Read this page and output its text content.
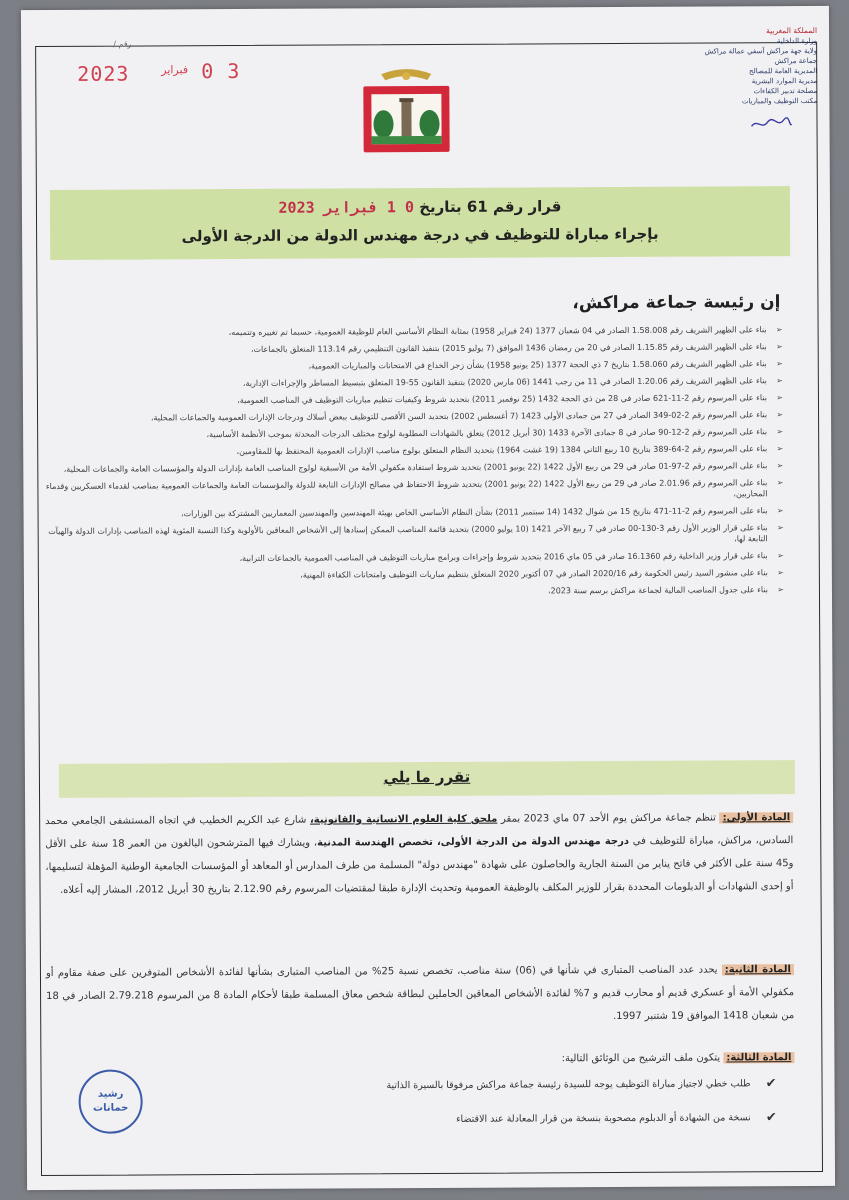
المملكة المغربية
وزارة الداخلية
ولاية جهة مراكش آسفي عمالة مراكش
جماعة مراكش
المديرية العامة للمصالح
مديرية الموارد البشرية
مصلحة تدبير الكفاءات
مكتب التوظيف والمباريات
رقم / ...
2023	فبراير 0 3
قرار رقم 61 بتاريخ 0 1 فبراير 2023
بإجراء مباراة للتوظيف في درجة مهندس الدولة من الدرجة الأولى
إن رئيسة جماعة مراكش،
➢
بناء على الظهير الشريف رقم 1.58.008 الصادر في 04 شعبان 1377 (24 فبراير 1958) بمثابة النظام الأساسي العام للوظيفة العمومية، حسبما تم تغييره وتتميمه،
➢
بناء على الظهير الشريف رقم 1.15.85 الصادر في 20 من رمضان 1436 الموافق (7 يوليو 2015) بتنفيذ القانون التنظيمي رقم 113.14 المتعلق بالجماعات،
➢
بناء على الظهير الشريف رقم 1.58.060 بتاريخ 7 ذي الحجة 1377 (25 يونيو 1958) بشأن زجر الخداع في الامتحانات والمباريات العمومية،
➢
بناء على الظهير الشريف رقم 1.20.06 الصادر في 11 من رجب 1441 (06 مارس 2020) بتنفيذ القانون 55-19 المتعلق بتبسيط المساطر والإجراءات الإدارية،
➢
بناء على المرسوم رقم 2-11-621 صادر في 28 من ذي الحجة 1432 (25 نوفمبر 2011) بتحديد شروط وكيفيات تنظيم مباريات التوظيف في المناصب العمومية،
➢
بناء على المرسوم رقم 2-02-349 الصادر في 27 من جمادى الأولى 1423 (7 أغسطس 2002) بتحديد السن الأقصى للتوظيف ببعض أسلاك ودرجات الإدارات العمومية والجماعات المحلية،
➢
بناء على المرسوم رقم 2-12-90 صادر في 8 جمادى الآخرة 1433 (30 أبريل 2012) يتعلق بالشهادات المطلوبة لولوج مختلف الدرجات المحدثة بموجب الأنظمة الأساسية،
➢
بناء على المرسوم رقم 2-64-389 بتاريخ 10 ربيع الثاني 1384 (19 غشت 1964) بتحديد النظام المتعلق بولوج مناصب الإدارات العمومية المحتفظ بها للمقاومين،
➢
بناء على المرسوم رقم 2-97-01 صادر في 29 من ربيع الأول 1422 (22 يونيو 2001) بتحديد شروط استفادة مكفولي الأمة من الأسبقية لولوج المناصب العامة بإدارات الدولة والمؤسسات العامة والجماعات المحلية،
➢
بناء على المرسوم رقم 2.01.96 صادر في 29 من ربيع الأول 1422 (22 يونيو 2001) بتحديد شروط الاحتفاظ في مصالح الإدارات التابعة للدولة والمؤسسات العامة والجماعات العمومية بمناصب لقدماء العسكريين وقدماء المحاربين،
➢
بناء على المرسوم رقم 2-11-471 بتاريخ 15 من شوال 1432 (14 سبتمبر 2011) بشأن النظام الأساسي الخاص بهيئة المهندسين والمهندسين المعماريين المشتركة بين الوزارات،
➢
بناء على قرار الوزير الأول رقم 3-130-00 صادر في 7 ربيع الآخر 1421 (10 يوليو 2000) بتحديد قائمة المناصب الممكن إسنادها إلى الأشخاص المعاقين بالأولوية وكذا النسبة المئوية لهذه المناصب بإدارات الدولة والهيآت التابعة لها،
➢
بناء على قرار وزير الداخلية رقم 16.1360 صادر في 05 ماي 2016 بتحديد شروط وإجراءات وبرامج مباريات التوظيف في المناصب العمومية بالجماعات الترابية،
➢
بناء على منشور السيد رئيس الحكومة رقم 2020/16 الصادر في 07 أكتوبر 2020 المتعلق بتنظيم مباريات التوظيف وامتحانات الكفاءة المهنية،
➢
بناء على جدول المناصب المالية لجماعة مراكش برسم سنة 2023،
تقرر ما يلي
المادة الأولى: تنظم جماعة مراكش يوم الأحد 07 ماي 2023 بمقر ملحق كلية العلوم الانسانية والقانونية، شارع عبد الكريم الخطيب في اتجاه المستشفى الجامعي محمد السادس، مراكش، مباراة للتوظيف في درجة مهندس الدولة من الدرجة الأولى، تخصص الهندسة المدنية، ويشارك فيها المترشحون البالغون من العمر 18 سنة على الأقل و45 سنة على الأكثر في فاتح يناير من السنة الجارية والحاصلون على شهادة "مهندس دولة" المسلمة من طرف المدارس أو المعاهد أو المؤسسات الجامعية الوطنية المؤهلة لتسليمها، أو إحدى الشهادات أو الدبلومات المحددة بقرار للوزير المكلف بالوظيفة العمومية وتحديث الإدارة طبقا لمقتضيات المرسوم رقم 2.12.90 بتاريخ 30 أبريل 2012، المشار إليه أعلاه.
المادة الثانية: يحدد عدد المناصب المتبارى في شأنها في (06) ستة مناصب، تخصص نسبة 25% من المناصب المتبارى بشأنها لفائدة الأشخاص المتوفرين على صفة مقاوم أو مكفولي الأمة أو عسكري قديم أو محارب قديم و 7% لفائدة الأشخاص المعاقين الحاملين لبطاقة شخص معاق المسلمة طبقا لأحكام المادة 8 من المرسوم 2.79.218 الصادر في 18 من شعبان 1418 الموافق 19 شتنبر 1997.
المادة الثالثة: يتكون ملف الترشيح من الوثائق التالية:
✔
طلب خطي لاجتياز مباراة التوظيف يوجه للسيدة رئيسة جماعة مراكش مرفوقا بالسيرة الذاتية
✔
نسخة من الشهادة أو الدبلوم مصحوبة بنسخة من قرار المعادلة عند الاقتضاء
رشيد
حمانات
